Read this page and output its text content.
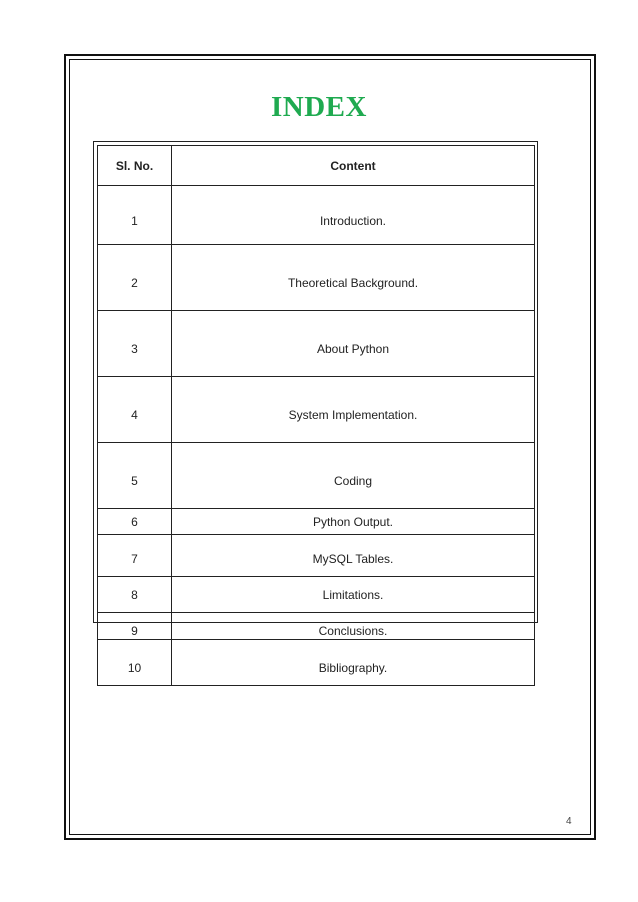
INDEX
Sl. No.	Content
1	Introduction.
2	Theoretical Background.
3	About Python
4	System Implementation.
5	Coding
6	Python Output.
7	MySQL Tables.
8	Limitations.
9	Conclusions.
10	Bibliography.
4
